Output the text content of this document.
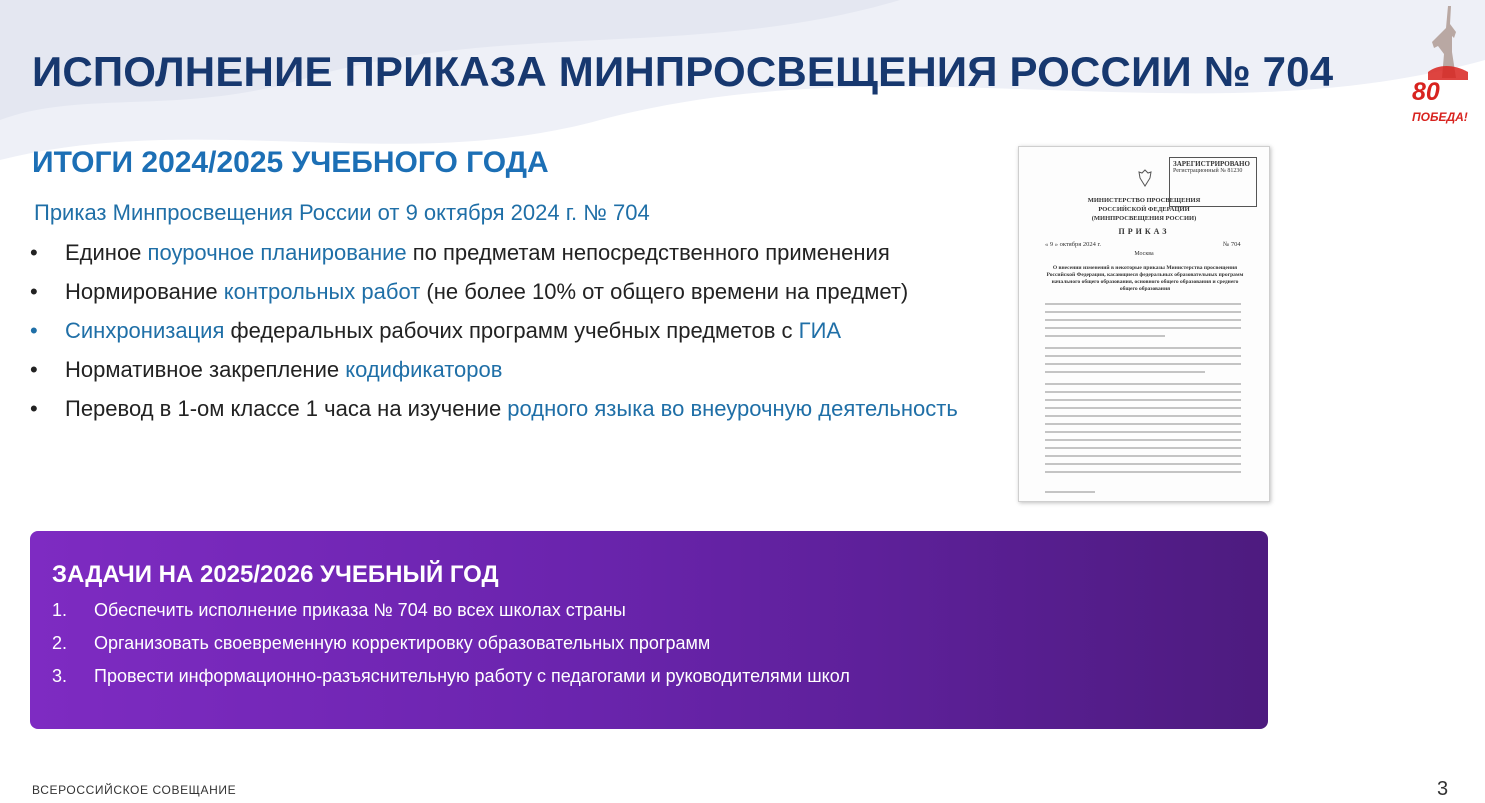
ИСПОЛНЕНИЕ ПРИКАЗА МИНПРОСВЕЩЕНИЯ РОССИИ № 704	80
ПОБЕДА!
ИТОГИ 2024/2025 УЧЕБНОГО ГОДА
Приказ Минпросвещения России от 9 октября 2024 г. № 704
• Единое поурочное планирование по предметам непосредственного применения
• Нормирование контрольных работ (не более 10% от общего времени на предмет)
• Синхронизация федеральных рабочих программ учебных предметов с ГИА
• Нормативное закрепление кодификаторов
• Перевод в 1-ом классе 1 часа на изучение родного языка во внеурочную деятельность
ЗАРЕГИСТРИРОВАНО
Регистрационный № 81230
МИНИСТЕРСТВО ПРОСВЕЩЕНИЯ
РОССИЙСКОЙ ФЕДЕРАЦИИ
(МИНПРОСВЕЩЕНИЯ РОССИИ)
ПРИКАЗ
« 9 » октября 2024 г.	№ 704
Москва
О внесении изменений в некоторые приказы Министерства просвещения Российской Федерации, касающиеся федеральных образовательных программ начального общего образования, основного общего образования и среднего общего образования
ЗАДАЧИ НА 2025/2026 УЧЕБНЫЙ ГОД
1. Обеспечить исполнение приказа № 704 во всех школах страны
2. Организовать своевременную корректировку образовательных программ
3. Провести информационно-разъяснительную работу с педагогами и руководителями школ
ВСЕРОССИЙСКОЕ СОВЕЩАНИЕ	3
